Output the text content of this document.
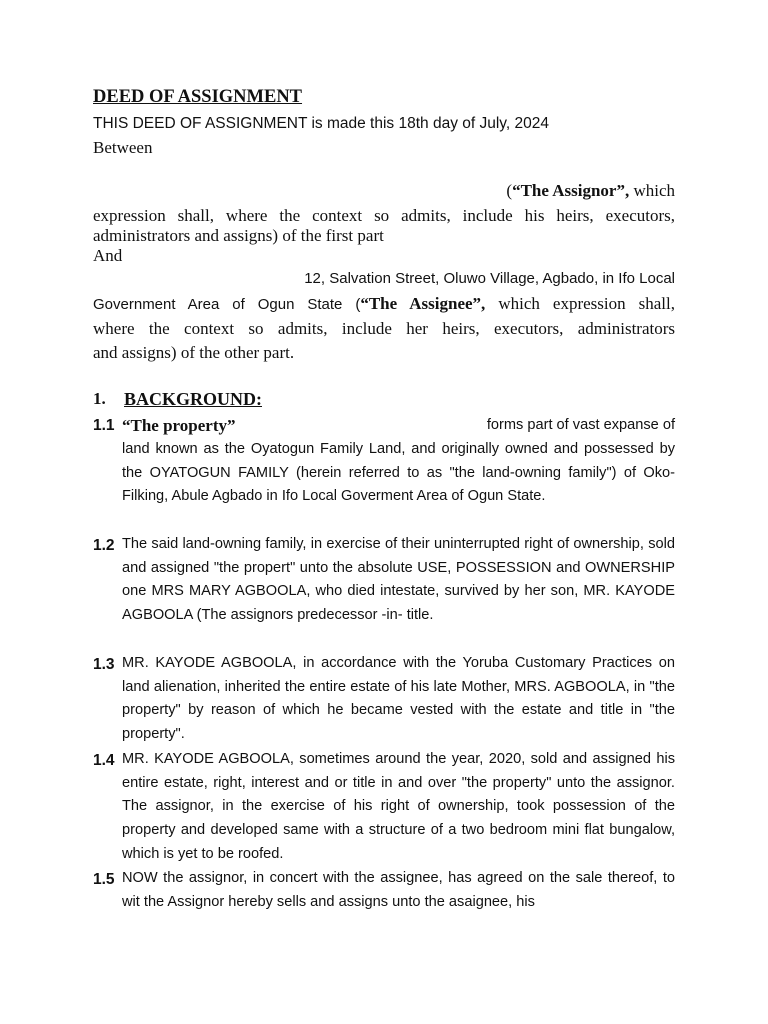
DEED OF ASSIGNMENT
THIS DEED OF ASSIGNMENT is made this 18th day of July, 2024
Between
(“The Assignor”, which
expression shall, where the context so admits, include his heirs, executors,
administrators and assigns) of the first part
And
12, Salvation Street, Oluwo Village, Agbado, in Ifo Local
Government Area of Ogun State (“The Assignee”, which expression shall,
where the context so admits, include her heirs, executors, administrators
and assigns) of the other part.
1. BACKGROUND:
1.1 “The property”	forms part of vast expanse of
land known as the Oyatogun Family Land, and originally owned and possessed by the OYATOGUN FAMILY (herein referred to as "the land-owning family") of Oko-Filking, Abule Agbado in Ifo Local Goverment Area of Ogun State.
1.2 The said land-owning family, in exercise of their uninterrupted right of ownership, sold and assigned "the propert" unto the absolute USE, POSSESSION and OWNERSHIP one MRS MARY AGBOOLA, who died intestate, survived by her son, MR. KAYODE AGBOOLA (The assignors predecessor -in- title.
1.3 MR. KAYODE AGBOOLA, in accordance with the Yoruba Customary Practices on land alienation, inherited the entire estate of his late Mother, MRS. AGBOOLA, in "the property" by reason of which he became vested with the estate and title in "the property".
1.4 MR. KAYODE AGBOOLA, sometimes around the year, 2020, sold and assigned his entire estate, right, interest and or title in and over "the property" unto the assignor. The assignor, in the exercise of his right of ownership, took possession of the property and developed same with a structure of a two bedroom mini flat bungalow, which is yet to be roofed.
1.5 NOW the assignor, in concert with the assignee, has agreed on the sale thereof, to wit the Assignor hereby sells and assigns unto the asaignee, his
